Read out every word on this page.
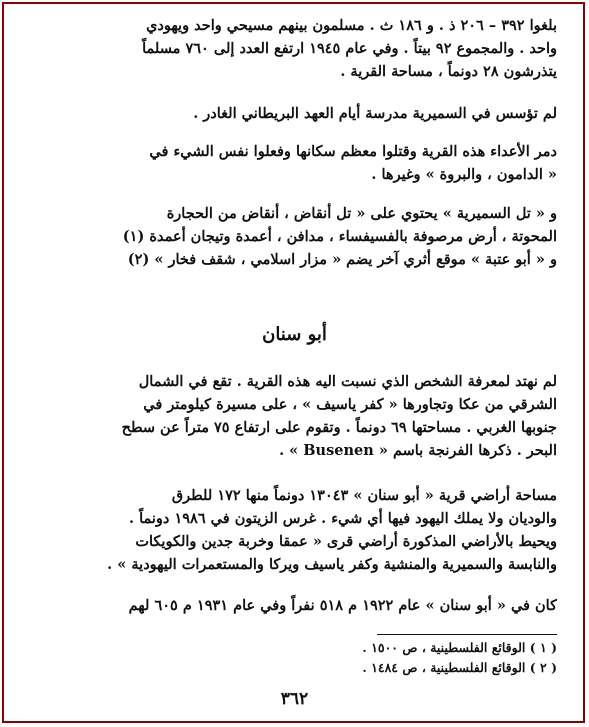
بلغوا ٣٩٢ – ٢٠٦ ذ . و ١٨٦ ث . مسلمون بينهم مسيحي واحد ويهودي
واحد . والمجموع ٩٢ بيتاً . وفي عام ١٩٤٥ ارتفع العدد إلى ٧٦٠ مسلماً
يتذرشون ٢٨ دونماً ، مساحة القرية .
لم تؤسس في السميرية مدرسة أيام العهد البريطاني الغادر .
دمر الأعداء هذه القرية وقتلوا معظم سكانها وفعلوا نفس الشيء في
« الدامون ، والبروة » وغيرها .
و « تل السميرية » يحتوي على « تل أنقاض ، أنقاض من الحجارة
المحوتة ، أرض مرصوفة بالفسيفساء ، مدافن ، أعمدة وتيجان أعمدة (١)
و « أبو عتبة » موقع أثري آخر يضم « مزار اسلامي ، شقف فخار » (٢)
أبو سنان
لم نهتد لمعرفة الشخص الذي نسبت اليه هذه القرية . تقع في الشمال
الشرقي من عكا وتجاورها « كفر ياسيف » ، على مسيرة كيلومتر في
جنوبها الغربي . مساحتها ٦٩ دونماً . وتقوم على ارتفاع ٧٥ متراً عن سطح
البحر . ذكرها الفرنجة باسم « Busenen » .
مساحة أراضي قرية « أبو سنان » ١٣٠٤٣ دونماً منها ١٧٢ للطرق
والوديان ولا يملك اليهود فيها أي شيء . غرس الزيتون في ١٩٨٦ دونماً .
ويحيط بالأراضي المذكورة أراضي قرى « عمقا وخربة جدين والكويكات
والنابسة والسميرية والمنشية وكفر ياسيف ويركا والمستعمرات اليهودية » .
كان في « أبو سنان » عام ١٩٢٢ م ٥١٨ نفراً وفي عام ١٩٣١ م ٦٠٥ لهم
( ١ ) الوقائع الفلسطينية ، ص ١٥٠٠ .
( ٢ ) الوقائع الفلسطينية ، ص ١٤٨٤ .
٣٦٢
